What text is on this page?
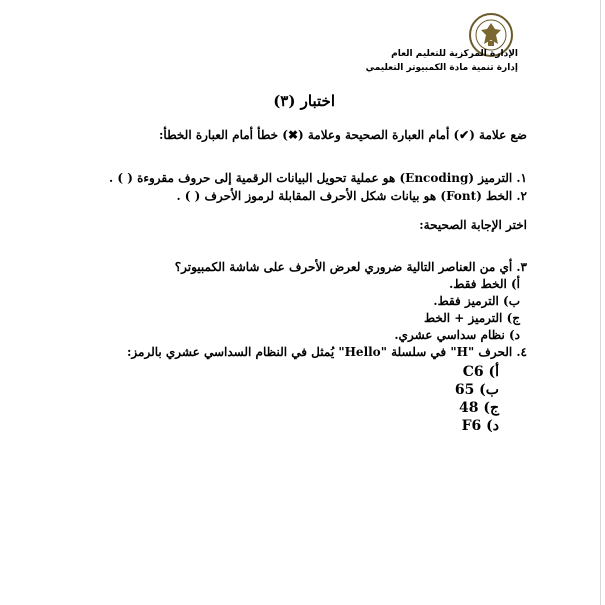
الإدارة المركزية للتعليم العام
إدارة تنمية مادة الكمبيوتر التعليمي
اختبار (٣)
ضع علامة (✔) أمام العبارة الصحيحة وعلامة (✖) خطأ أمام العبارة الخطأ:
١. الترميز (Encoding) هو عملية تحويل البيانات الرقمية إلى حروف مقروءة ( ) .
٢. الخط (Font) هو بيانات شكل الأحرف المقابلة لرموز الأحرف ( ) .
اختر الإجابة الصحيحة:
٣. أي من العناصر التالية ضروري لعرض الأحرف على شاشة الكمبيوتر؟
أ) الخط فقط.
ب) الترميز فقط.
ج) الترميز + الخط
د) نظام سداسي عشري.
٤. الحرف "H" في سلسلة "Hello" يُمثل في النظام السداسي عشري بالرمز:
أ) C6
ب) 65
ج) 48
د) F6
